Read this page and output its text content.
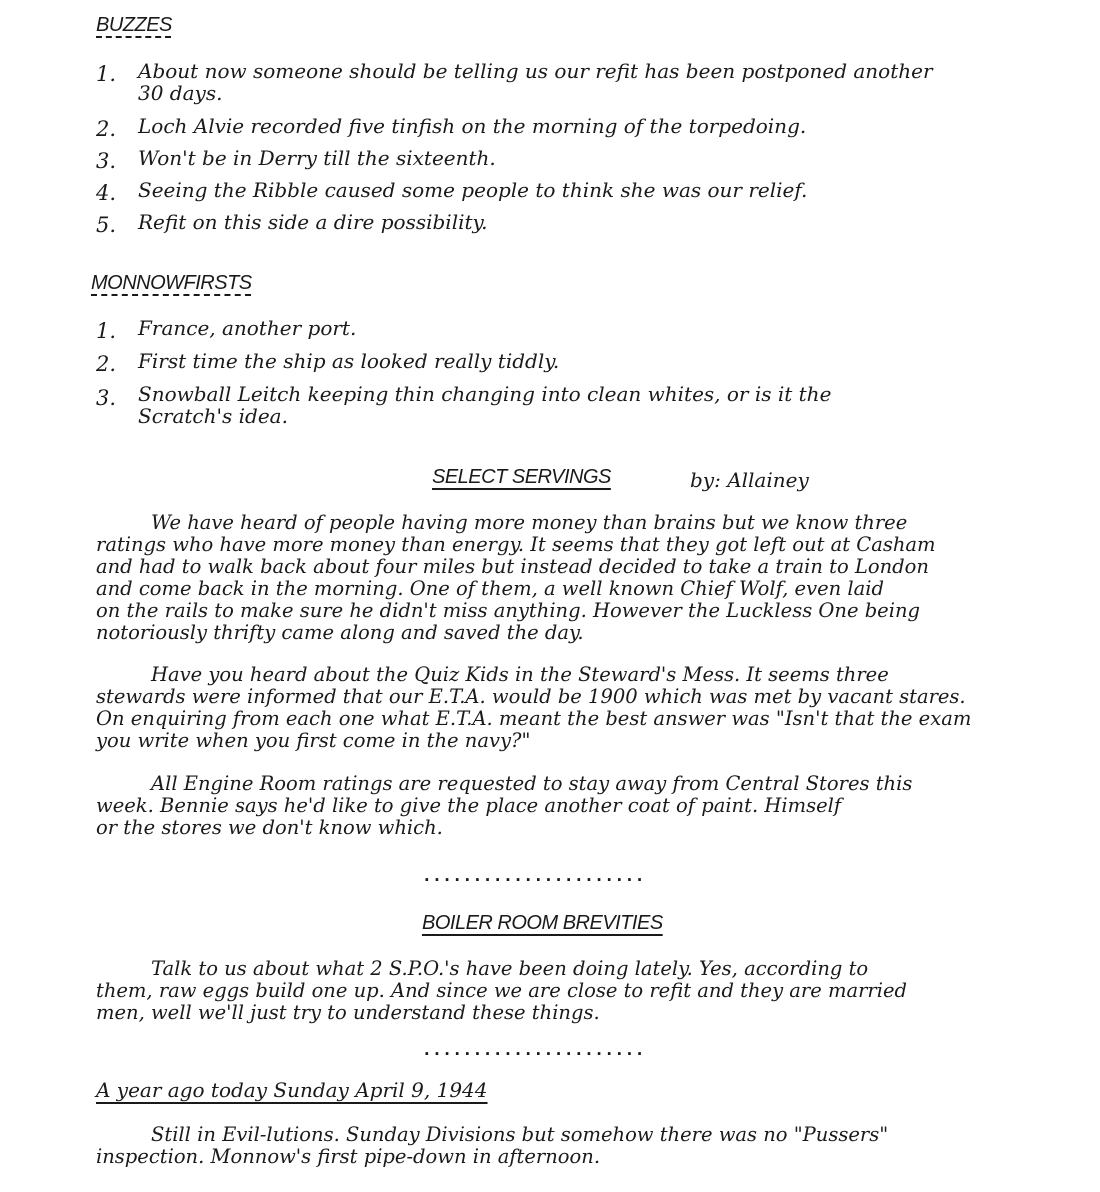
BUZZES
1.	About now someone should be telling us our refit has been postponed another
30 days.
2.	Loch Alvie recorded five tinfish on the morning of the torpedoing.
3.	Won't be in Derry till the sixteenth.
4.	Seeing the Ribble caused some people to think she was our relief.
5.	Refit on this side a dire possibility.
MONNOWFIRSTS
1.	France, another port.
2.	First time the ship as looked really tiddly.
3.	Snowball Leitch keeping thin changing into clean whites, or is it the
Scratch's idea.
SELECT SERVINGS	by: Allainey
We have heard of people having more money than brains but we know three
ratings who have more money than energy. It seems that they got left out at Casham
and had to walk back about four miles but instead decided to take a train to London
and come back in the morning. One of them, a well known Chief Wolf, even laid
on the rails to make sure he didn't miss anything. However the Luckless One being
notoriously thrifty came along and saved the day.
Have you heard about the Quiz Kids in the Steward's Mess. It seems three
stewards were informed that our E.T.A. would be 1900 which was met by vacant stares.
On enquiring from each one what E.T.A. meant the best answer was "Isn't that the exam
you write when you first come in the navy?"
All Engine Room ratings are requested to stay away from Central Stores this
week. Bennie says he'd like to give the place another coat of paint. Himself
or the stores we don't know which.
......................
BOILER ROOM BREVITIES
Talk to us about what 2 S.P.O.'s have been doing lately. Yes, according to
them, raw eggs build one up. And since we are close to refit and they are married
men, well we'll just try to understand these things.
......................
A year ago today Sunday April 9, 1944
Still in Evil-lutions. Sunday Divisions but somehow there was no "Pussers"
inspection. Monnow's first pipe-down in afternoon.
